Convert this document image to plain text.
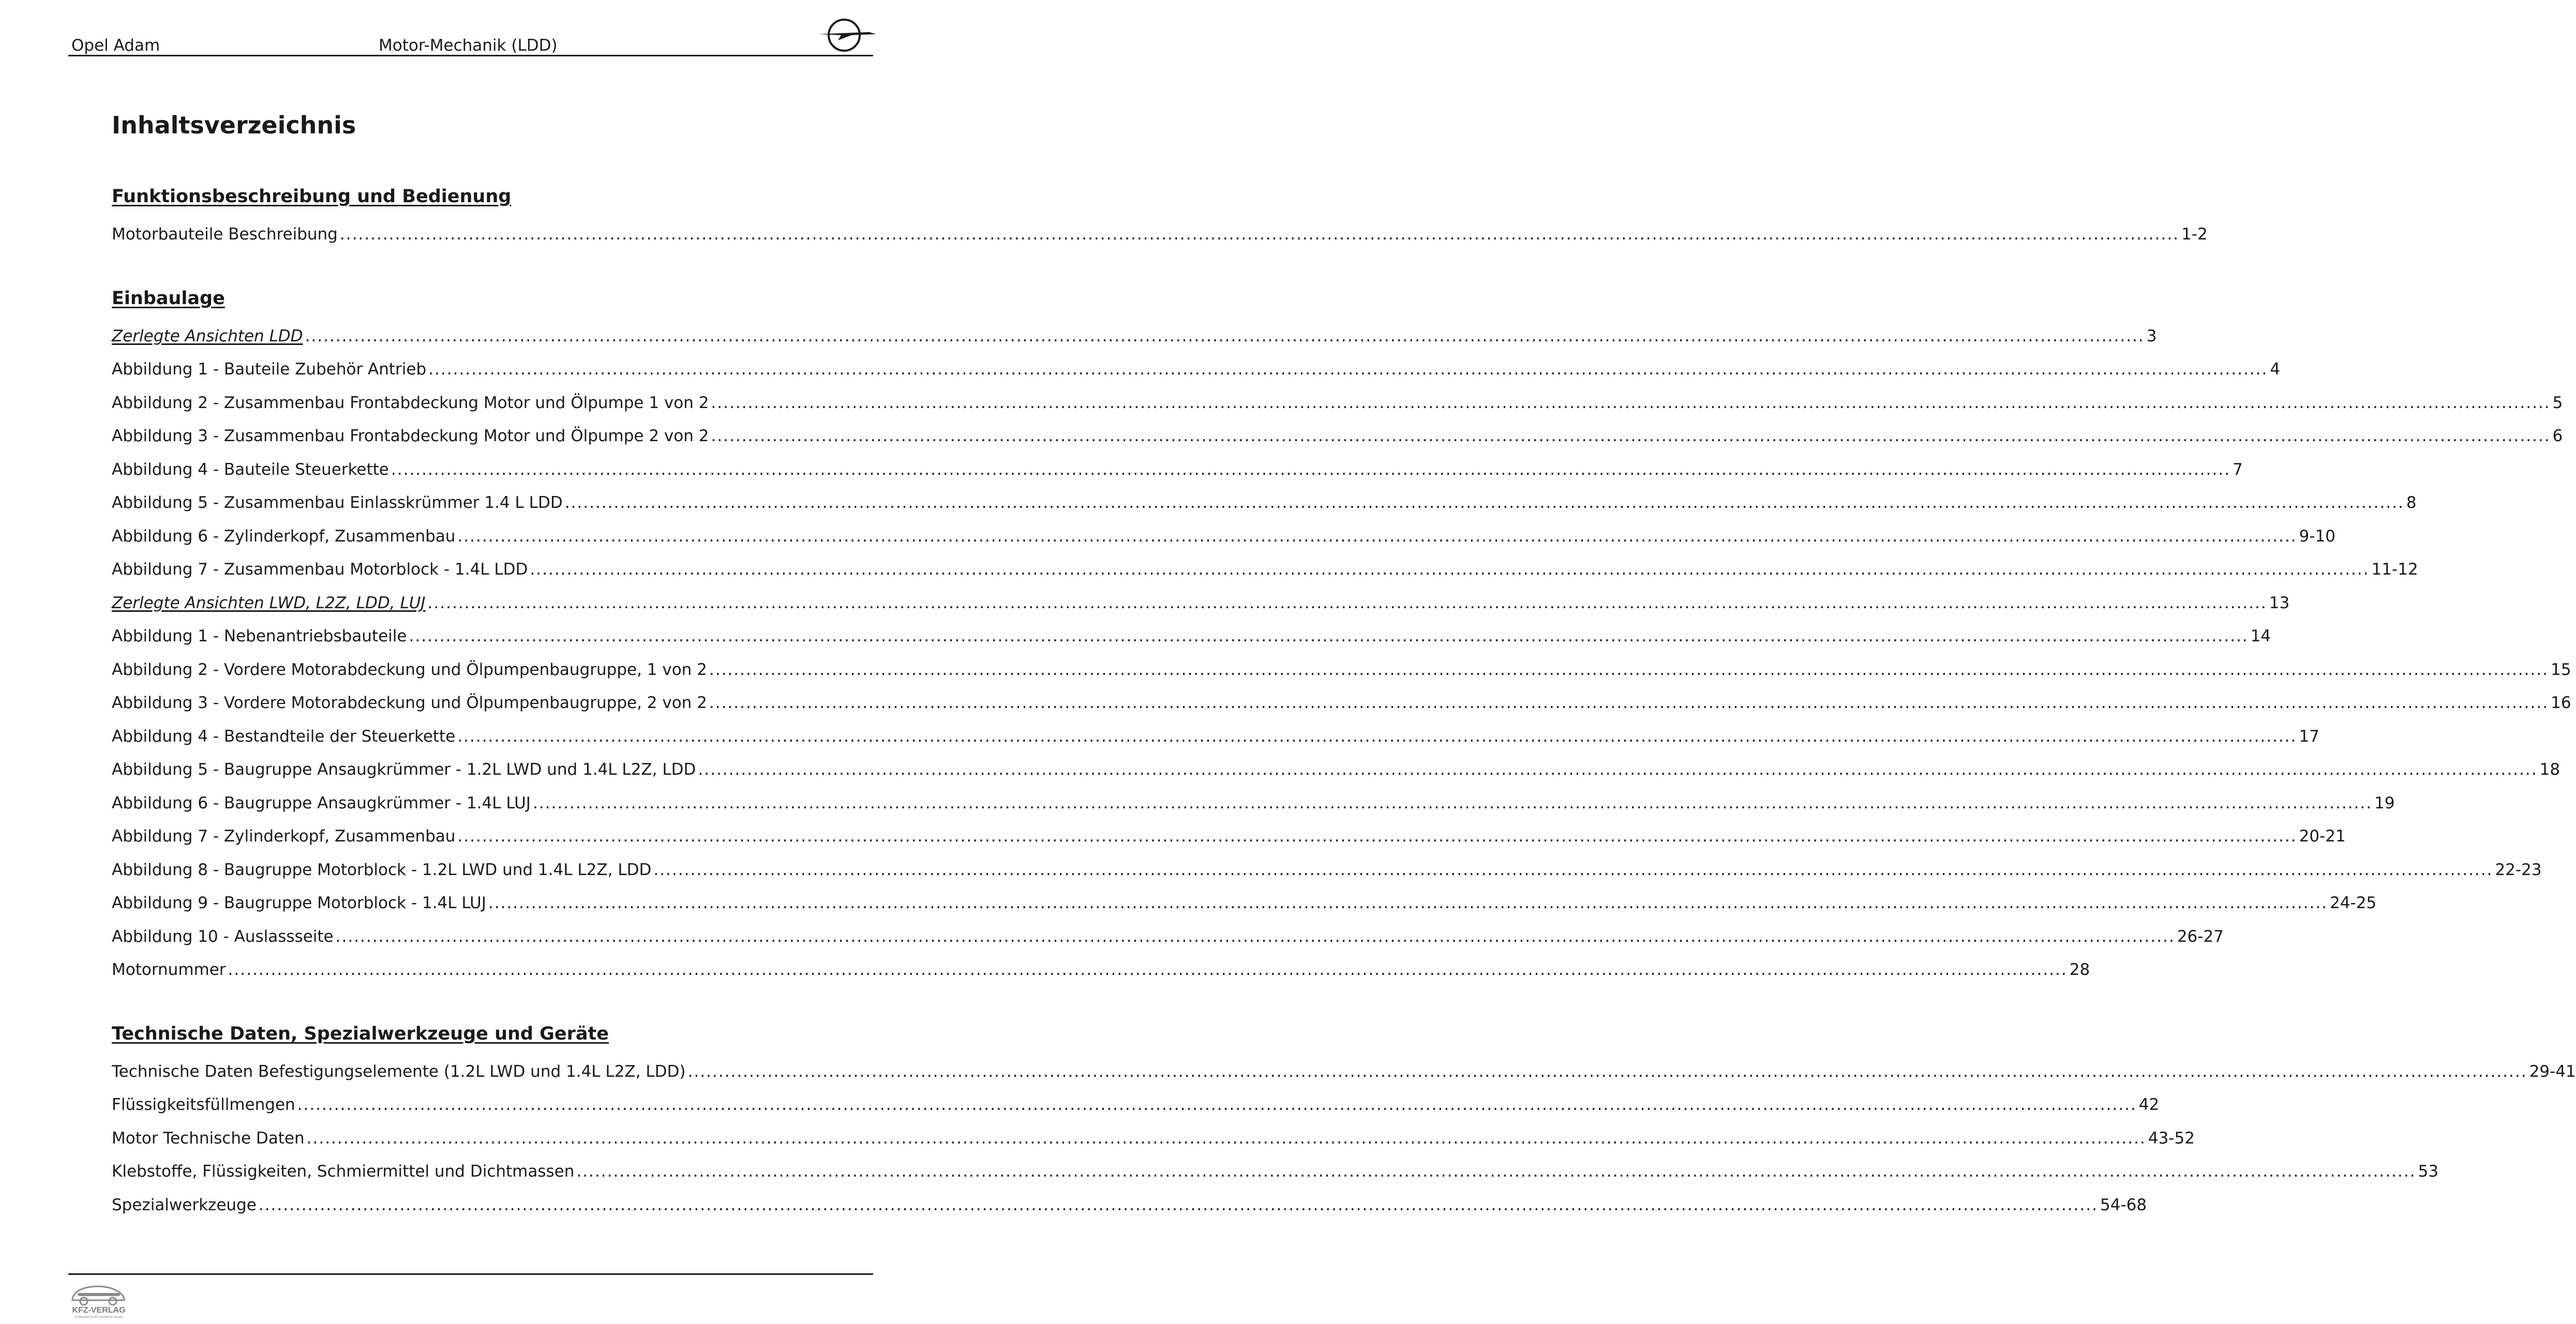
Opel Adam	Motor-Mechanik (LDD)
Inhaltsverzeichnis
Funktionsbeschreibung und Bedienung
Motorbauteile Beschreibung ............................................................................................................................................................................................................................................................................................................ 1-2
Einbaulage
Zerlegte Ansichten LDD ............................................................................................................................................................................................................................................................................................................ 3
Abbildung 1 - Bauteile Zubehör Antrieb ............................................................................................................................................................................................................................................................................................................ 4
Abbildung 2 - Zusammenbau Frontabdeckung Motor und Ölpumpe 1 von 2 ............................................................................................................................................................................................................................................................................................................ 5
Abbildung 3 - Zusammenbau Frontabdeckung Motor und Ölpumpe 2 von 2 ............................................................................................................................................................................................................................................................................................................ 6
Abbildung 4 - Bauteile Steuerkette ............................................................................................................................................................................................................................................................................................................ 7
Abbildung 5 - Zusammenbau Einlasskrümmer 1.4 L LDD ............................................................................................................................................................................................................................................................................................................ 8
Abbildung 6 - Zylinderkopf, Zusammenbau ............................................................................................................................................................................................................................................................................................................ 9-10
Abbildung 7 - Zusammenbau Motorblock - 1.4L LDD ............................................................................................................................................................................................................................................................................................................ 11-12
Zerlegte Ansichten LWD, L2Z, LDD, LUJ ............................................................................................................................................................................................................................................................................................................ 13
Abbildung 1 - Nebenantriebsbauteile ............................................................................................................................................................................................................................................................................................................ 14
Abbildung 2 - Vordere Motorabdeckung und Ölpumpenbaugruppe, 1 von 2 ............................................................................................................................................................................................................................................................................................................ 15
Abbildung 3 - Vordere Motorabdeckung und Ölpumpenbaugruppe, 2 von 2 ............................................................................................................................................................................................................................................................................................................ 16
Abbildung 4 - Bestandteile der Steuerkette ............................................................................................................................................................................................................................................................................................................ 17
Abbildung 5 - Baugruppe Ansaugkrümmer - 1.2L LWD und 1.4L L2Z, LDD ............................................................................................................................................................................................................................................................................................................ 18
Abbildung 6 - Baugruppe Ansaugkrümmer - 1.4L LUJ ............................................................................................................................................................................................................................................................................................................ 19
Abbildung 7 - Zylinderkopf, Zusammenbau ............................................................................................................................................................................................................................................................................................................ 20-21
Abbildung 8 - Baugruppe Motorblock - 1.2L LWD und 1.4L L2Z, LDD ............................................................................................................................................................................................................................................................................................................ 22-23
Abbildung 9 - Baugruppe Motorblock - 1.4L LUJ ............................................................................................................................................................................................................................................................................................................ 24-25
Abbildung 10 - Auslassseite ............................................................................................................................................................................................................................................................................................................ 26-27
Motornummer ............................................................................................................................................................................................................................................................................................................ 28
Technische Daten, Spezialwerkzeuge und Geräte
Technische Daten Befestigungselemente (1.2L LWD und 1.4L L2Z, LDD) ............................................................................................................................................................................................................................................................................................................ 29-41
Flüssigkeitsfüllmengen ............................................................................................................................................................................................................................................................................................................ 42
Motor Technische Daten ............................................................................................................................................................................................................................................................................................................ 43-52
Klebstoffe, Flüssigkeiten, Schmiermittel und Dichtmassen ............................................................................................................................................................................................................................................................................................................ 53
Spezialwerkzeuge ............................................................................................................................................................................................................................................................................................................ 54-68
KFZ-VERLAG
Ihr Spezialist für KFZ-spezifische Literatur
